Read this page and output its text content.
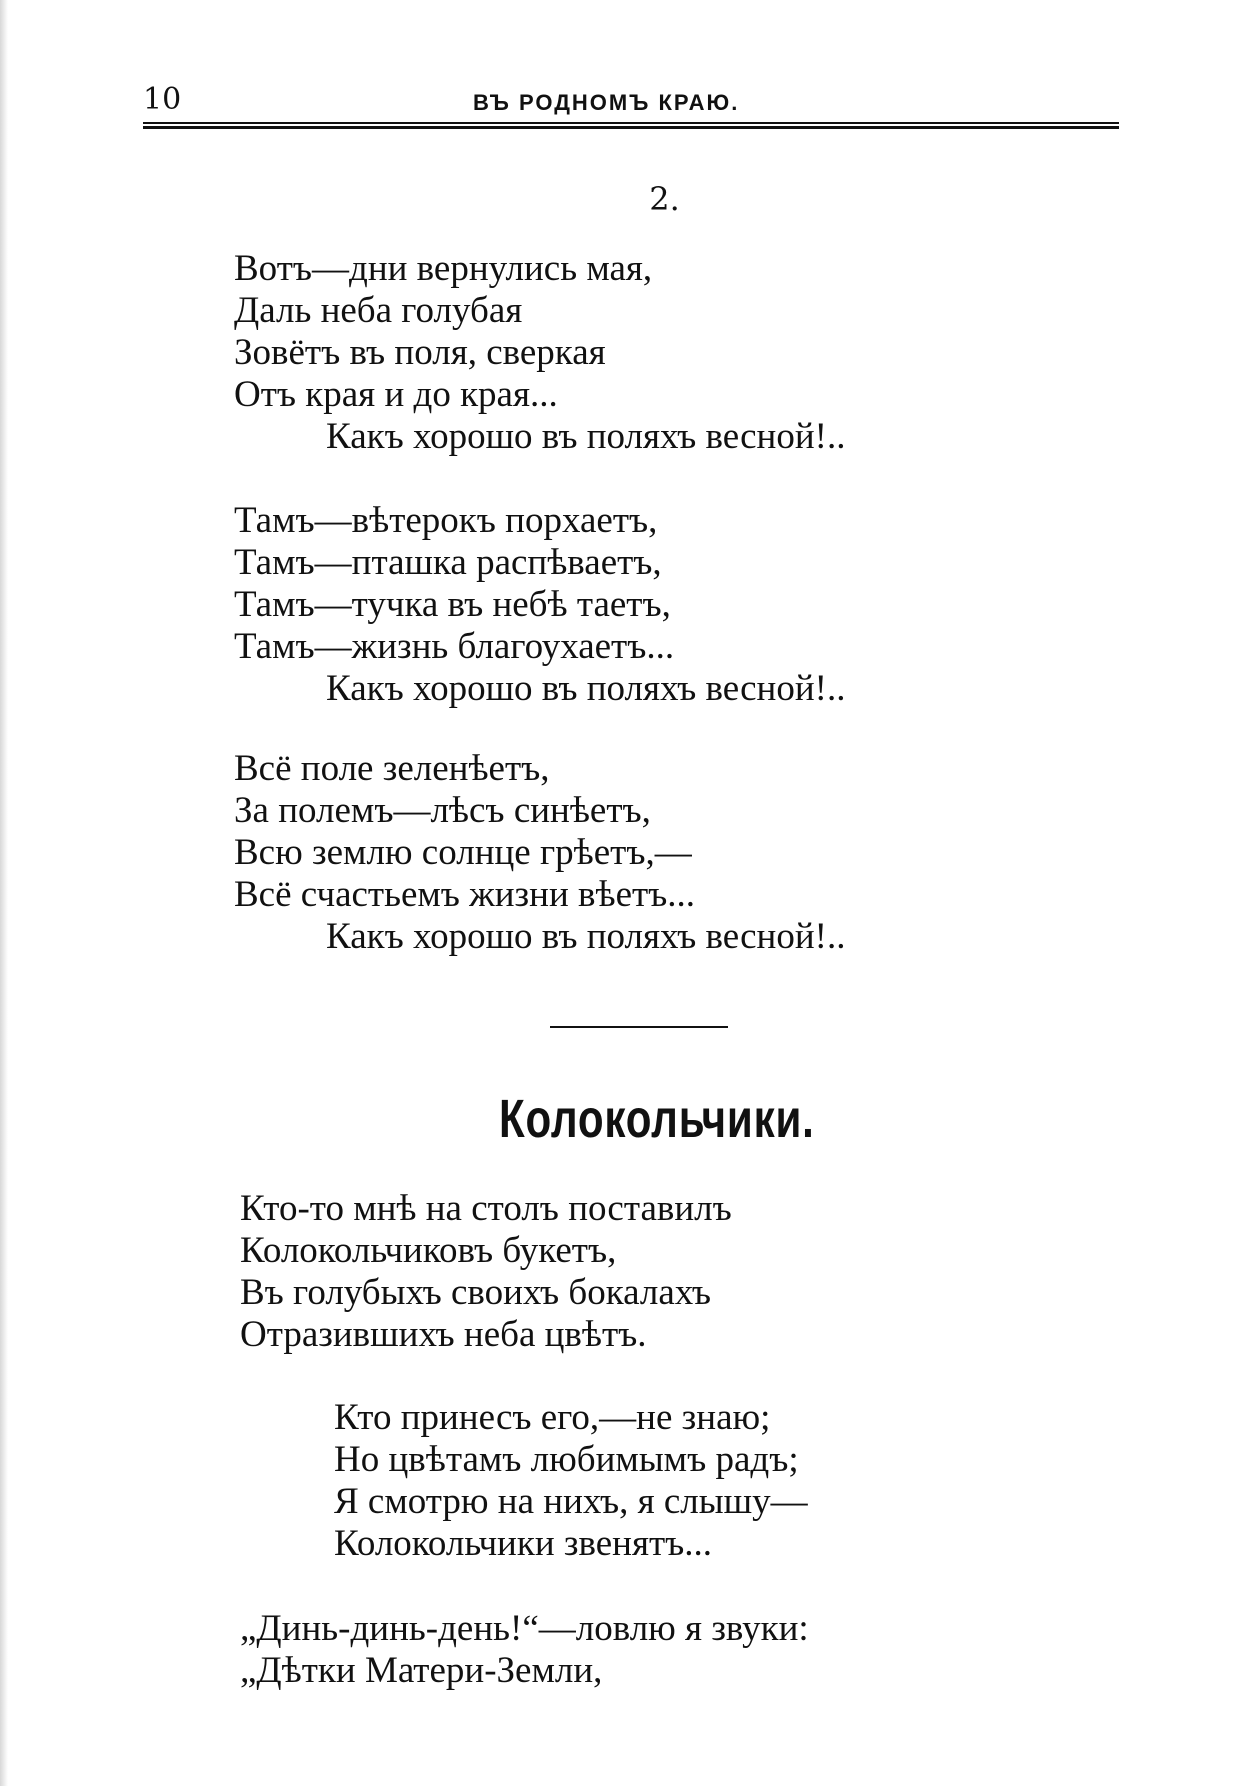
10	ВЪ РОДНОМЪ КРАЮ.
2.
Вотъ—дни вернулись мая,
Даль неба голубая
Зовётъ въ поля, сверкая
Отъ края и до края...
Какъ хорошо въ поляхъ весной!..
Тамъ—вѣтерокъ порхаетъ,
Тамъ—пташка распѣваетъ,
Тамъ—тучка въ небѣ таетъ,
Тамъ—жизнь благоухаетъ...
Какъ хорошо въ поляхъ весной!..
Всё поле зеленѣетъ,
За полемъ—лѣсъ синѣетъ,
Всю землю солнце грѣетъ,—
Всё счастьемъ жизни вѣетъ...
Какъ хорошо въ поляхъ весной!..
Колокольчики.
Кто-то мнѣ на столъ поставилъ
Колокольчиковъ букетъ,
Въ голубыхъ своихъ бокалахъ
Отразившихъ неба цвѣтъ.
Кто принесъ его,—не знаю;
Но цвѣтамъ любимымъ радъ;
Я смотрю на нихъ, я слышу—
Колокольчики звенятъ...
„Динь-динь-день!“—ловлю я звуки:
„Дѣтки Матери-Земли,
